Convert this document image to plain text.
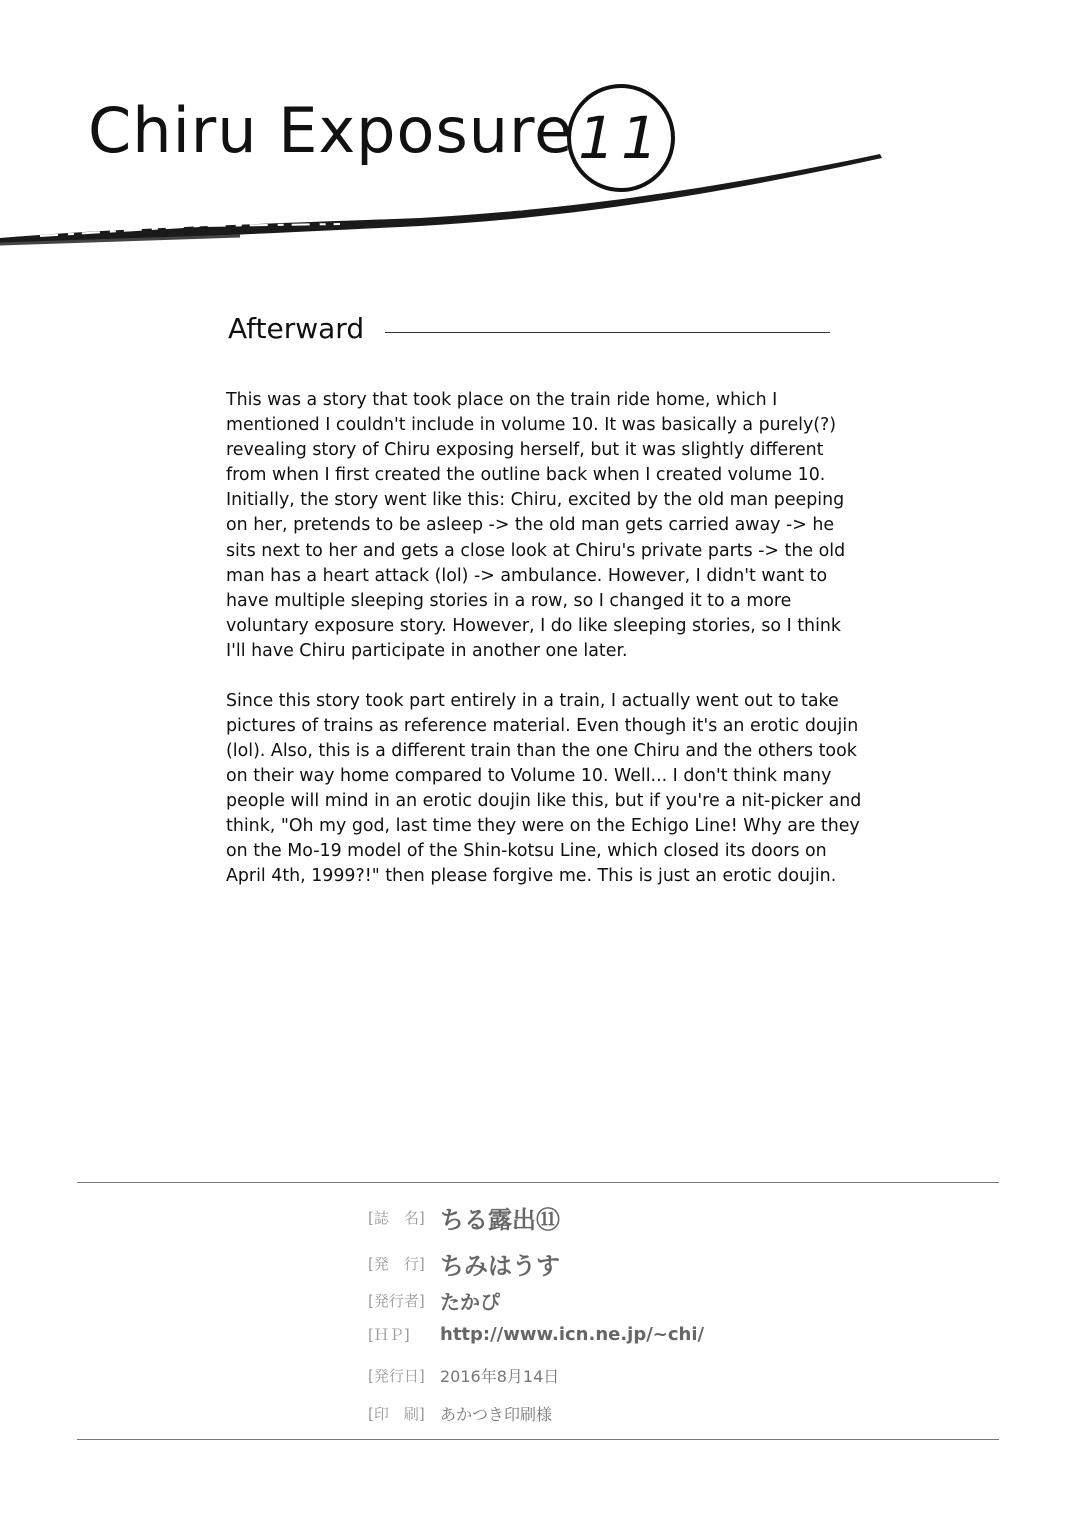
Chiru Exposure 11
Afterward

This was a story that took place on the train ride home, which I mentioned I couldn't include in volume 10. It was basically a purely(?) revealing story of Chiru exposing herself, but it was slightly different from when I first created the outline back when I created volume 10. Initially, the story went like this: Chiru, excited by the old man peeping on her, pretends to be asleep -> the old man gets carried away -> he sits next to her and gets a close look at Chiru's private parts -> the old man has a heart attack (lol) -> ambulance. However, I didn't want to have multiple sleeping stories in a row, so I changed it to a more voluntary exposure story. However, I do like sleeping stories, so I think I'll have Chiru participate in another one later.

Since this story took part entirely in a train, I actually went out to take pictures of trains as reference material. Even though it's an erotic doujin (lol). Also, this is a different train than the one Chiru and the others took on their way home compared to Volume 10. Well... I don't think many people will mind in an erotic doujin like this, but if you're a nit-picker and think, "Oh my god, last time they were on the Echigo Line! Why are they on the Mo-19 model of the Shin-kotsu Line, which closed its doors on April 4th, 1999?!" then please forgive me. This is just an erotic doujin.

[誌　名] ちる露出⑪
[発　行] ちみはうす
[発行者] たかぴ
[ＨＰ]	http://www.icn.ne.jp/~chi/
[発行日] 2016年8月14日
[印　刷] あかつき印刷様
